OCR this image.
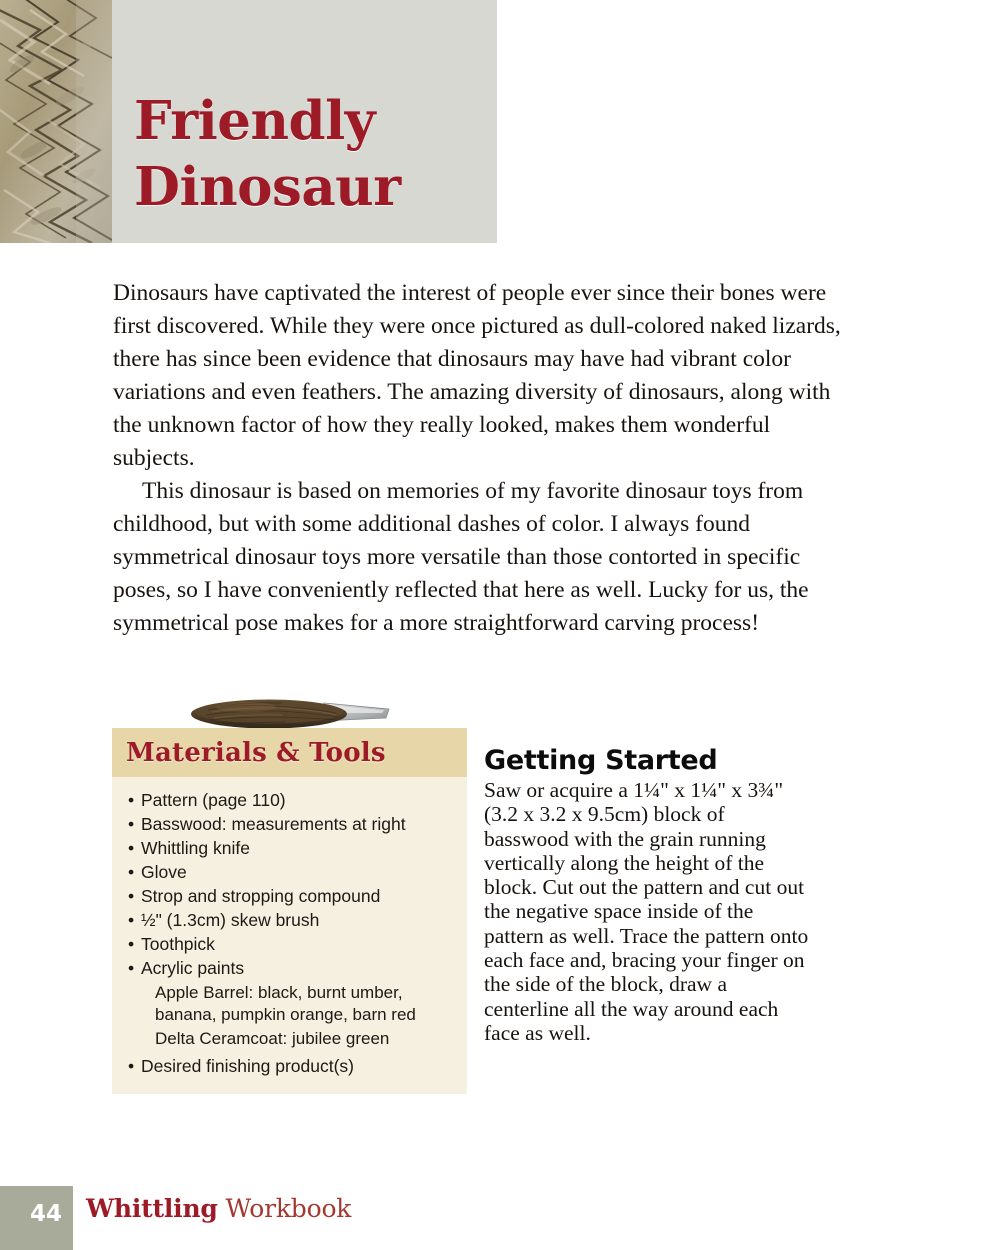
Friendly
Dinosaur

Dinosaurs have captivated the interest of people ever since their bones were first discovered. While they were once pictured as dull-colored naked lizards, there has since been evidence that dinosaurs may have had vibrant color variations and even feathers. The amazing diversity of dinosaurs, along with the unknown factor of how they really looked, makes them wonderful subjects.

This dinosaur is based on memories of my favorite dinosaur toys from childhood, but with some additional dashes of color. I always found symmetrical dinosaur toys more versatile than those contorted in specific poses, so I have conveniently reflected that here as well. Lucky for us, the symmetrical pose makes for a more straightforward carving process!

Materials & Tools
• Pattern (page 110)
• Basswood: measurements at right
• Whittling knife
• Glove
• Strop and stropping compound
• ½" (1.3cm) skew brush
• Toothpick
• Acrylic paints
Apple Barrel: black, burnt umber, banana, pumpkin orange, barn red
Delta Ceramcoat: jubilee green
• Desired finishing product(s)
Getting Started
Saw or acquire a 1¼" x 1¼" x 3¾" (3.2 x 3.2 x 9.5cm) block of basswood with the grain running vertically along the height of the block. Cut out the pattern and cut out the negative space inside of the pattern as well. Trace the pattern onto each face and, bracing your finger on the side of the block, draw a centerline all the way around each face as well.
44 Whittling Workbook
